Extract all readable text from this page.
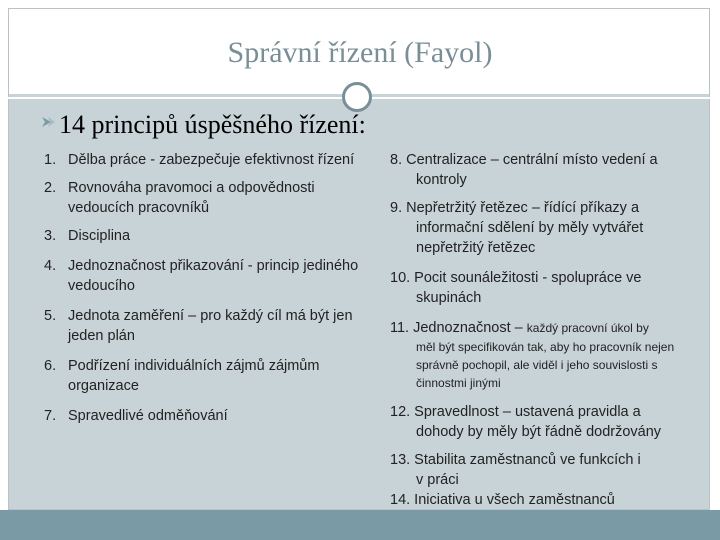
Správní řízení (Fayol)
14 principů úspěšného řízení:
1. Dělba práce - zabezpečuje efektivnost řízení
2. Rovnováha pravomoci a odpovědnosti vedoucích pracovníků
3. Disciplina
4. Jednoznačnost přikazování - princip jediného vedoucího
5. Jednota zaměření – pro každý cíl má být jen jeden plán
6. Podřízení individuálních zájmů zájmům organizace
7. Spravedlivé odměňování
8. Centralizace – centrální místo vedení a
kontroly
9. Nepřetržitý řetězec – řídící příkazy a
informační sdělení by měly vytvářet nepřetržitý řetězec
10. Pocit sounáležitosti - spolupráce ve
skupinách
11. Jednoznačnost – každý pracovní úkol by
měl být specifikován tak, aby ho pracovník nejen správně pochopil, ale viděl i jeho souvislosti s činnostmi jinými
12. Spravedlnost – ustavená pravidla a
dohody by měly být řádně dodržovány
13. Stabilita zaměstnanců ve funkcích i
v práci
14. Iniciativa u všech zaměstnanců
